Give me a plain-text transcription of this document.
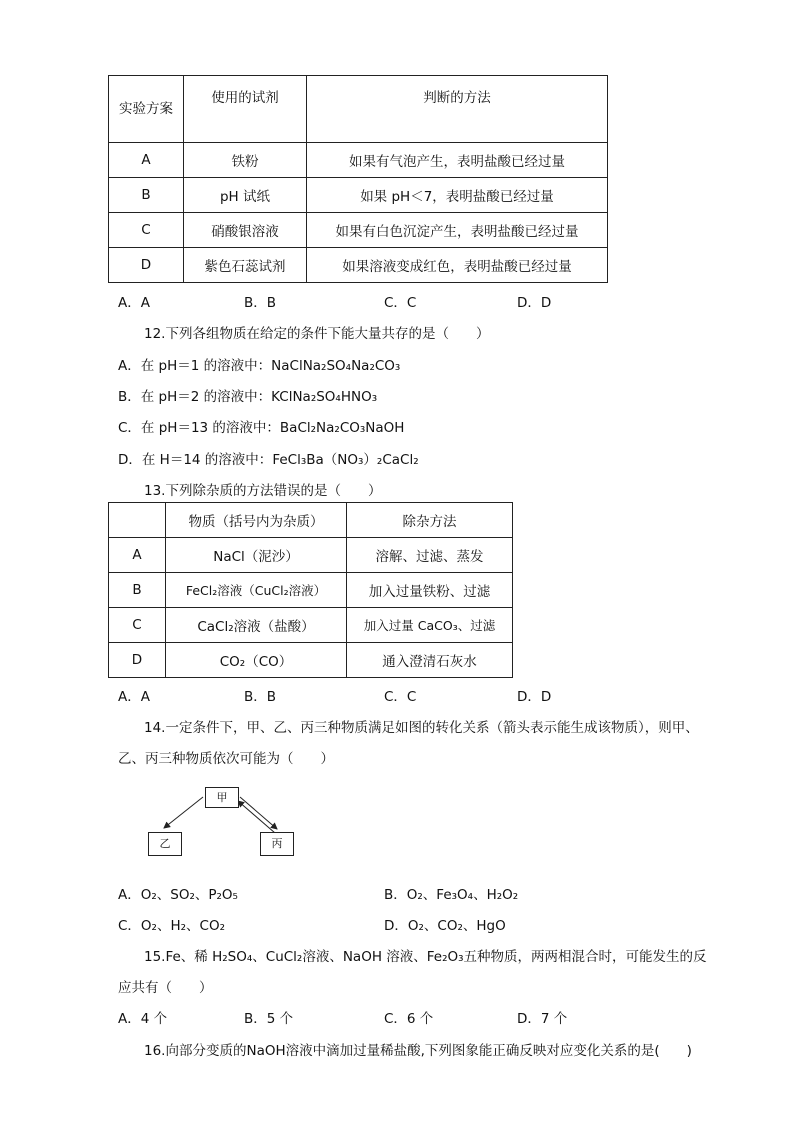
实验方案	使用的试剂	判断的方法
A	铁粉	如果有气泡产生，表明盐酸已经过量
B	pH 试纸	如果 pH＜7，表明盐酸已经过量
C	硝酸银溶液	如果有白色沉淀产生，表明盐酸已经过量
D	紫色石蕊试剂	如果溶液变成红色，表明盐酸已经过量
A．A	B．B	C．C	D．D
12.下列各组物质在给定的条件下能大量共存的是（　　）
A．在 pH＝1 的溶液中：NaClNa₂SO₄Na₂CO₃
B．在 pH＝2 的溶液中：KClNa₂SO₄HNO₃
C．在 pH＝13 的溶液中：BaCl₂Na₂CO₃NaOH
D．在 H＝14 的溶液中：FeCl₃Ba（NO₃）₂CaCl₂
13.下列除杂质的方法错误的是（　　）
	物质（括号内为杂质）	除杂方法
A	NaCl（泥沙）	溶解、过滤、蒸发
B	FeCl₂溶液（CuCl₂溶液）	加入过量铁粉、过滤
C	CaCl₂溶液（盐酸）	加入过量 CaCO₃、过滤
D	CO₂（CO）	通入澄清石灰水
A．A	B．B	C．C	D．D
14.一定条件下，甲、乙、丙三种物质满足如图的转化关系（箭头表示能生成该物质），则甲、
乙、丙三种物质依次可能为（　　）
甲
乙	丙
A．O₂、SO₂、P₂O₅	B．O₂、Fe₃O₄、H₂O₂
C．O₂、H₂、CO₂	D．O₂、CO₂、HgO
15.Fe、稀 H₂SO₄、CuCl₂溶液、NaOH 溶液、Fe₂O₃五种物质，两两相混合时，可能发生的反
应共有（　　）
A．4 个	B．5 个	C．6 个	D．7 个
16.向部分变质的NaOH溶液中滴加过量稀盐酸,下列图象能正确反映对应变化关系的是(　　)
